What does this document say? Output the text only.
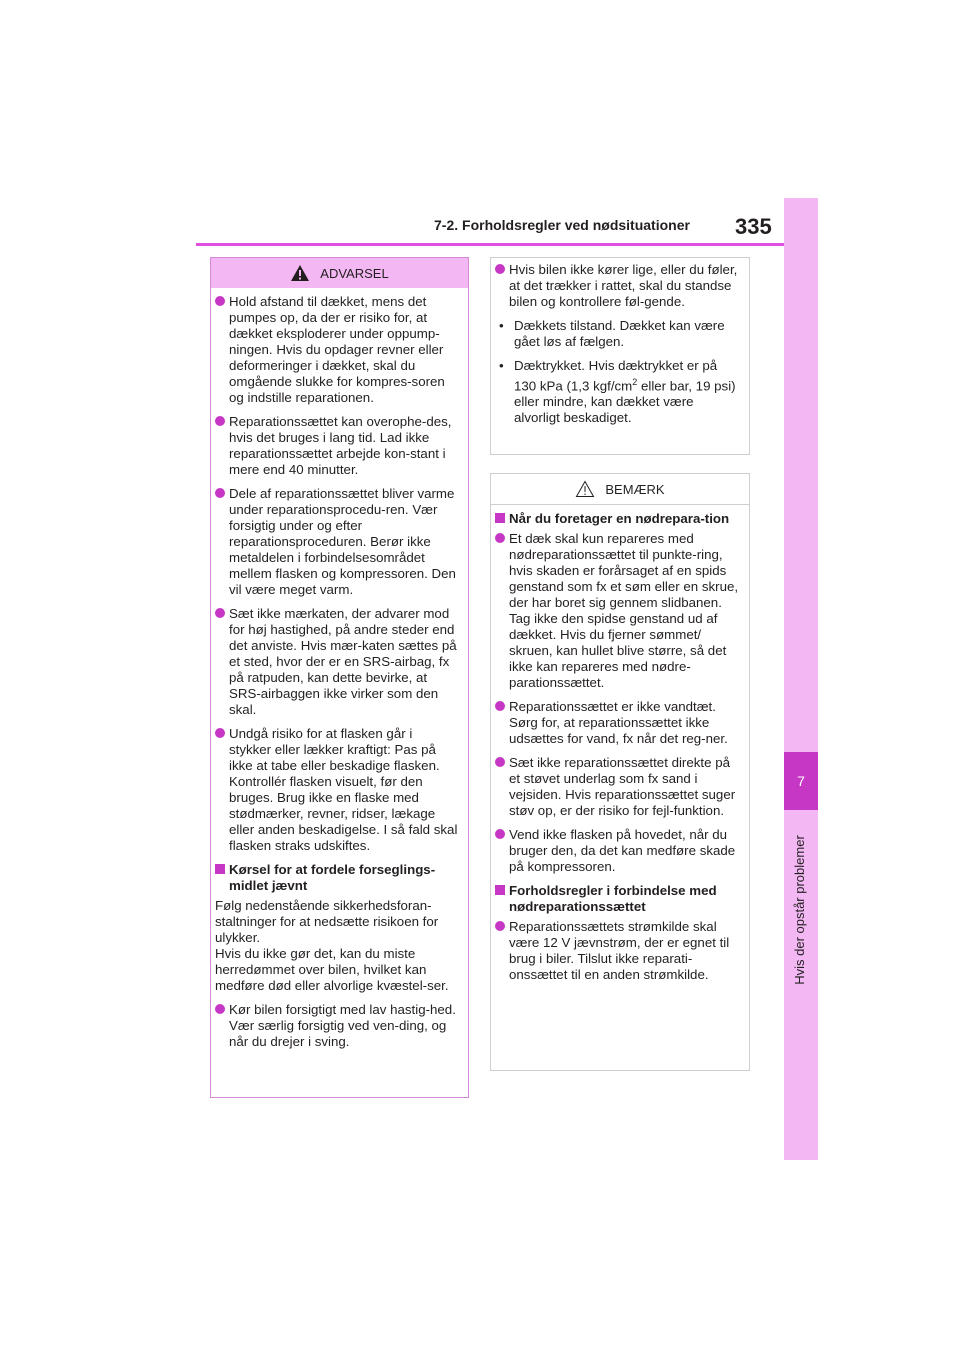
7-2. Forholdsregler ved nødsituationer 335
7
Hvis der opstår problemer
ADVARSEL
Hold afstand til dækket, mens det pumpes op, da der er risiko for, at dækket eksploderer under oppump-ningen. Hvis du opdager revner eller deformeringer i dækket, skal du omgående slukke for kompres-soren og indstille reparationen.
Reparationssættet kan overophe-des, hvis det bruges i lang tid. Lad ikke reparationssættet arbejde kon-stant i mere end 40 minutter.
Dele af reparationssættet bliver varme under reparationsprocedu-ren. Vær forsigtig under og efter reparationsproceduren. Berør ikke metaldelen i forbindelsesområdet mellem flasken og kompressoren. Den vil være meget varm.
Sæt ikke mærkaten, der advarer mod for høj hastighed, på andre steder end det anviste. Hvis mær-katen sættes på et sted, hvor der er en SRS-airbag, fx på ratpuden, kan dette bevirke, at SRS-airbaggen ikke virker som den skal.
Undgå risiko for at flasken går i stykker eller lækker kraftigt: Pas på ikke at tabe eller beskadige flasken. Kontrollér flasken visuelt, før den bruges. Brug ikke en flaske med stødmærker, revner, ridser, lækage eller anden beskadigelse. I så fald skal flasken straks udskiftes.
Kørsel for at fordele forseglings-midlet jævnt
Følg nedenstående sikkerhedsforan-staltninger for at nedsætte risikoen for ulykker.
Hvis du ikke gør det, kan du miste herredømmet over bilen, hvilket kan medføre død eller alvorlige kvæstel-ser.
Kør bilen forsigtigt med lav hastig-hed. Vær særlig forsigtig ved ven-ding, og når du drejer i sving.
Hvis bilen ikke kører lige, eller du føler, at det trækker i rattet, skal du standse bilen og kontrollere føl-gende.
• Dækkets tilstand. Dækket kan være gået løs af fælgen.
• Dæktrykket. Hvis dæktrykket er på 130 kPa (1,3 kgf/$cm^2$ eller bar, 19 psi) eller mindre, kan dækket være alvorligt beskadiget.
BEMÆRK
Når du foretager en nødrepara-tion
Et dæk skal kun repareres med nødreparationssættet til punkte-ring, hvis skaden er forårsaget af en spids genstand som fx et søm eller en skrue, der har boret sig gennem slidbanen.
Tag ikke den spidse genstand ud af dækket. Hvis du fjerner sømmet/ skruen, kan hullet blive større, så det ikke kan repareres med nødre-parationssættet.
Reparationssættet er ikke vandtæt. Sørg for, at reparationssættet ikke udsættes for vand, fx når det reg-ner.
Sæt ikke reparationssættet direkte på et støvet underlag som fx sand i vejsiden. Hvis reparationssættet suger støv op, er der risiko for fejl-funktion.
Vend ikke flasken på hovedet, når du bruger den, da det kan medføre skade på kompressoren.
Forholdsregler i forbindelse med nødreparationssættet
Reparationssættets strømkilde skal være 12 V jævnstrøm, der er egnet til brug i biler. Tilslut ikke reparati-onssættet til en anden strømkilde.
